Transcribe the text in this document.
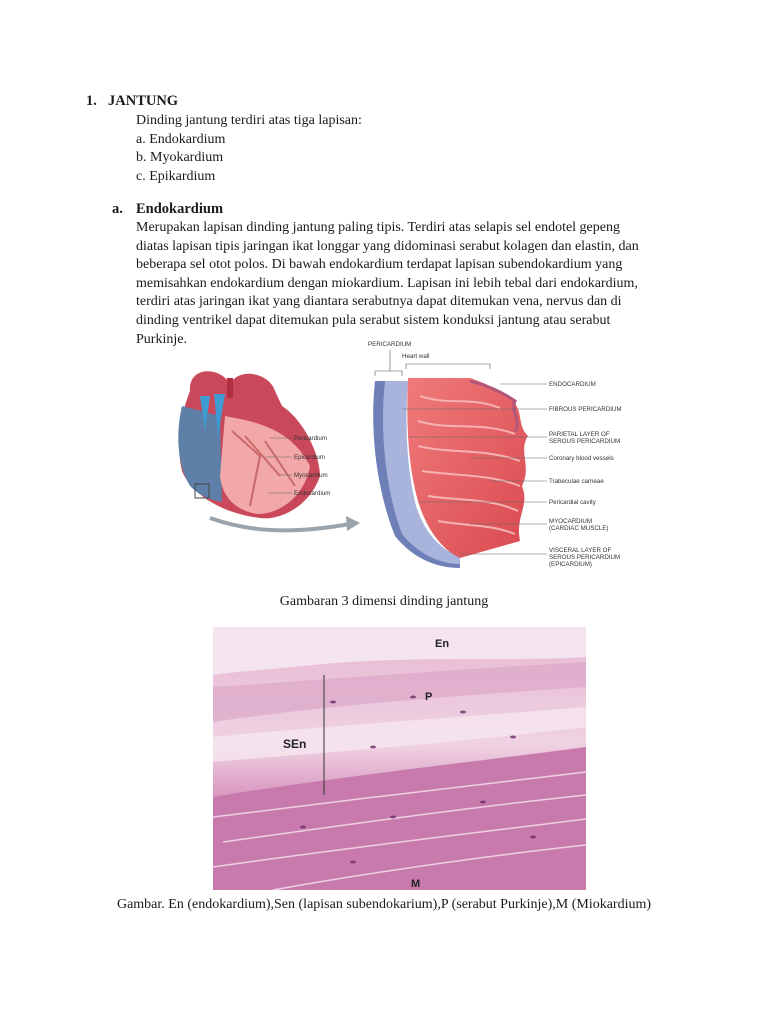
1. JANTUNG
Dinding jantung terdiri atas tiga lapisan:
a. Endokardium
b. Myokardium
c. Epikardium
a. Endokardium
Merupakan lapisan dinding jantung paling tipis. Terdiri atas selapis sel endotel gepeng
diatas lapisan tipis jaringan ikat longgar yang didominasi serabut kolagen dan elastin, dan
beberapa sel otot polos. Di bawah endokardium terdapat lapisan subendokardium yang
memisahkan endokardium dengan miokardium. Lapisan ini lebih tebal dari endokardium,
terdiri atas jaringan ikat yang diantara serabutnya dapat ditemukan vena, nervus dan di
dinding ventrikel dapat ditemukan pula serabut sistem konduksi jantung atau serabut
Purkinje.
Pericardium
Epicardium
Myocardium
Endocardium
PERICARDIUM
Heart wall
ENDOCARDIUM
FIBROUS PERICARDIUM
PARIETAL LAYER OF SEROUS PERICARDIUM
Coronary blood vessels
Trabeculae carneae
Pericardial cavity
MYOCARDIUM (CARDIAC MUSCLE)
VISCERAL LAYER OF SEROUS PERICARDIUM (EPICARDIUM)
Gambaran 3 dimensi dinding jantung
En
P
SEn
M
Gambar. En (endokardium),Sen (lapisan subendokarium),P (serabut Purkinje),M (Miokardium)
